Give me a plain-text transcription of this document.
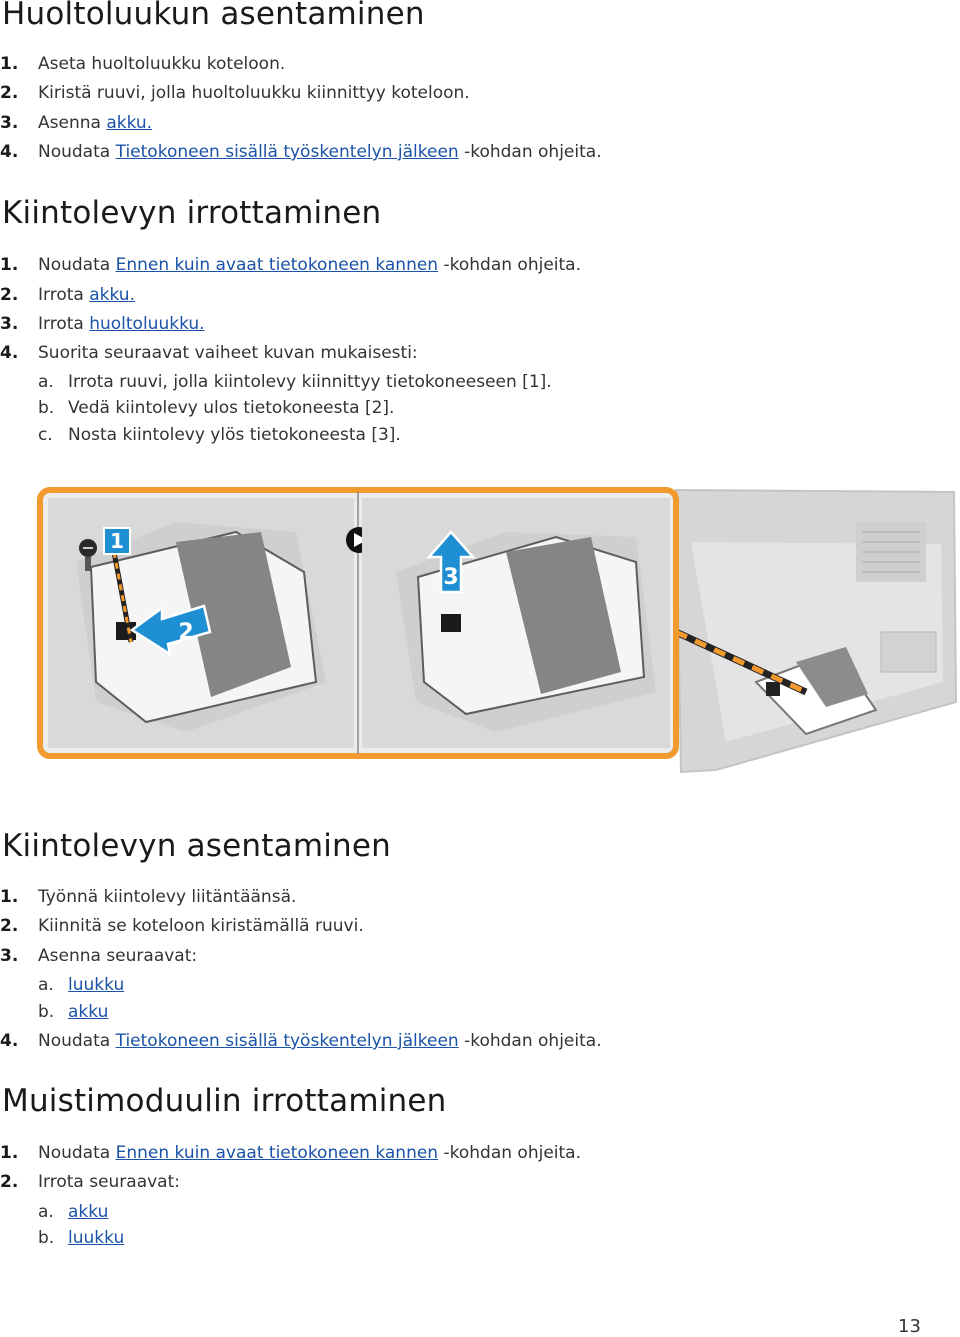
Huoltoluukun asentaminen
1. Aseta huoltoluukku koteloon.
2. Kiristä ruuvi, jolla huoltoluukku kiinnittyy koteloon.
3. Asenna akku.
4. Noudata Tietokoneen sisällä työskentelyn jälkeen -kohdan ohjeita.
Kiintolevyn irrottaminen
1. Noudata Ennen kuin avaat tietokoneen kannen -kohdan ohjeita.
2. Irrota akku.
3. Irrota huoltoluukku.
4. Suorita seuraavat vaiheet kuvan mukaisesti:
a. Irrota ruuvi, jolla kiintolevy kiinnittyy tietokoneeseen [1].
b. Vedä kiintolevy ulos tietokoneesta [2].
c. Nosta kiintolevy ylös tietokoneesta [3].
1
2
3
Kiintolevyn asentaminen
1. Työnnä kiintolevy liitäntäänsä.
2. Kiinnitä se koteloon kiristämällä ruuvi.
3. Asenna seuraavat:
a. luukku
b. akku
4. Noudata Tietokoneen sisällä työskentelyn jälkeen -kohdan ohjeita.
Muistimoduulin irrottaminen
1. Noudata Ennen kuin avaat tietokoneen kannen -kohdan ohjeita.
2. Irrota seuraavat:
a. akku
b. luukku
13
